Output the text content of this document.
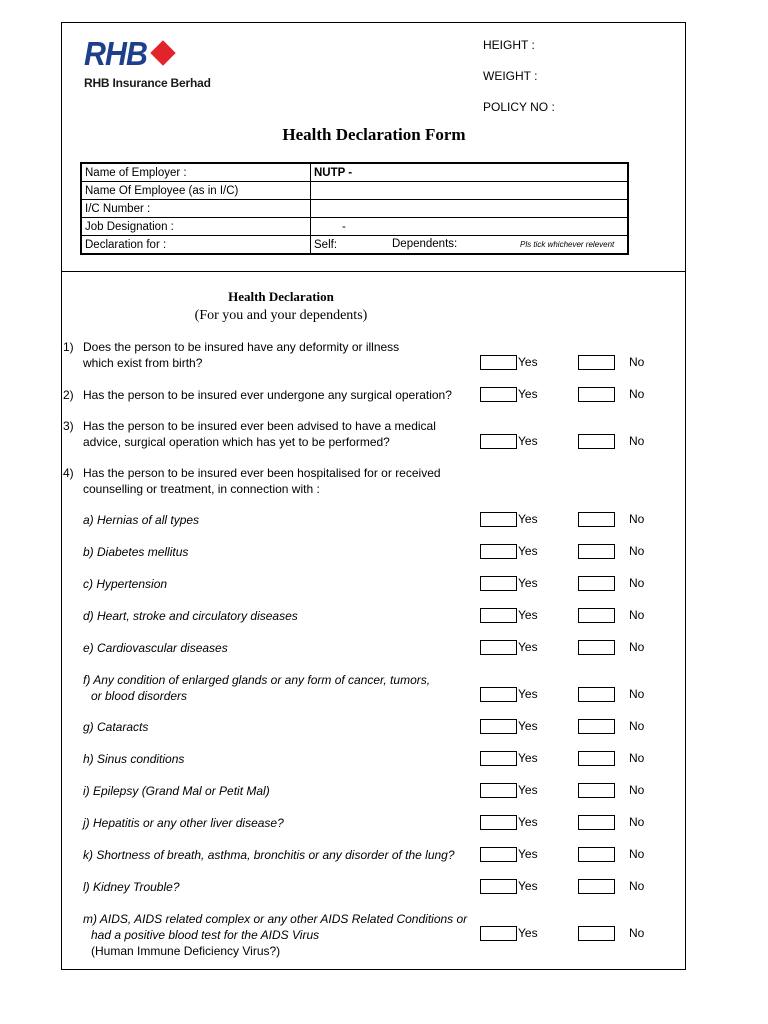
RHB
RHB Insurance Berhad
HEIGHT :
WEIGHT :
POLICY NO :
Health Declaration Form
Name of Employer :	NUTP -
Name Of Employee (as in I/C)	
I/C Number :	
Job Designation :	-
Declaration for :	Self: Dependents: Pls tick whichever relevent
Health Declaration
(For you and your dependents)
1) Does the person to be insured have any deformity or illness
which exist from birth?	Yes	No
2) Has the person to be insured ever undergone any surgical operation?	Yes	No
3) Has the person to be insured ever been advised to have a medical
advice, surgical operation which has yet to be performed?	Yes	No
4) Has the person to be insured ever been hospitalised for or received
counselling or treatment, in connection with :
a) Hernias of all types	Yes	No
b) Diabetes mellitus	Yes	No
c) Hypertension	Yes	No
d) Heart, stroke and circulatory diseases	Yes	No
e) Cardiovascular diseases	Yes	No
f) Any condition of enlarged glands or any form of cancer, tumors,
or blood disorders	Yes	No
g) Cataracts	Yes	No
h) Sinus conditions	Yes	No
i) Epilepsy (Grand Mal or Petit Mal)	Yes	No
j) Hepatitis or any other liver disease?	Yes	No
k) Shortness of breath, asthma, bronchitis or any disorder of the lung?	Yes	No
l) Kidney Trouble?	Yes	No
m) AIDS, AIDS related complex or any other AIDS Related Conditions or
had a positive blood test for the AIDS Virus
(Human Immune Deficiency Virus?)
Yes	No
